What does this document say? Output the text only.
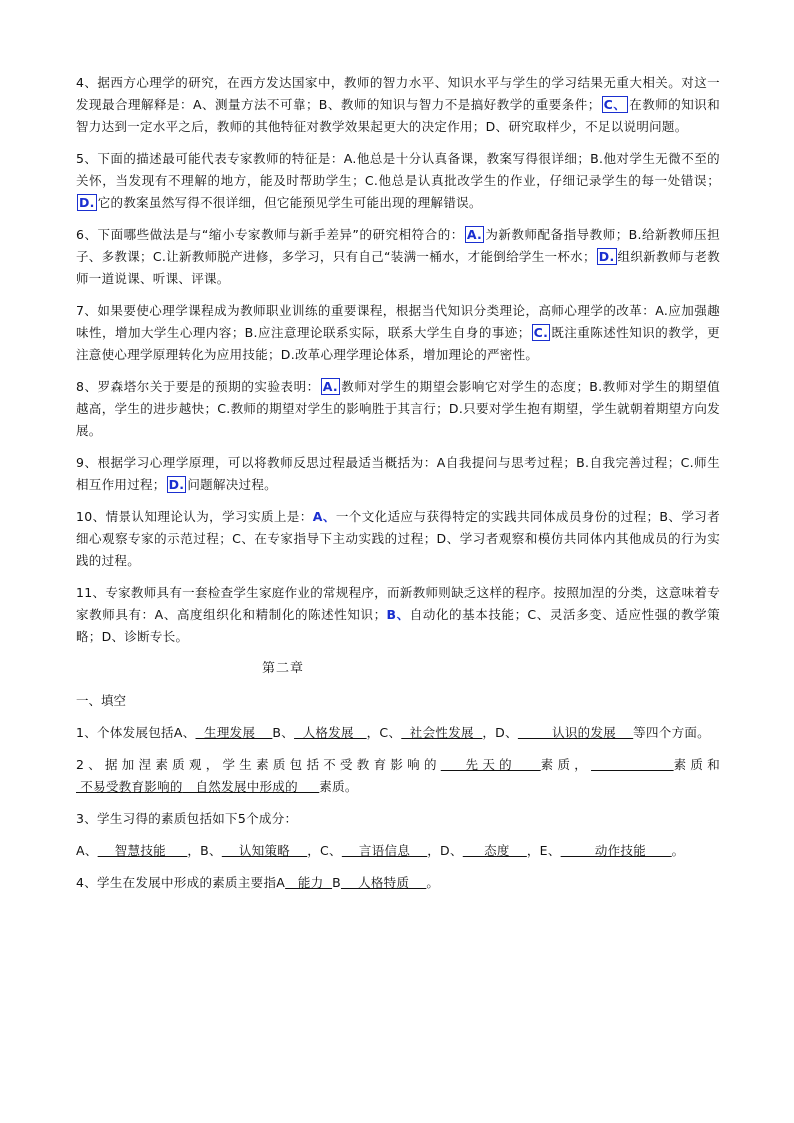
4、据西方心理学的研究，在西方发达国家中，教师的智力水平、知识水平与学生的学习结果无重大相关。对这一发现最合理解释是：A、测量方法不可靠；B、教师的知识与智力不是搞好教学的重要条件； C、 在教师的知识和智力达到一定水平之后，教师的其他特征对教学效果起更大的决定作用；D、研究取样少，不足以说明问题。

5、下面的描述最可能代表专家教师的特征是：A.他总是十分认真备课，教案写得很详细；B.他对学生无微不至的关怀，当发现有不理解的地方，能及时帮助学生；C.他总是认真批改学生的作业，仔细记录学生的每一处错误；D. 它的教案虽然写得不很详细，但它能预见学生可能出现的理解错误。

6、下面哪些做法是与“缩小专家教师与新手差异”的研究相符合的： A. 为新教师配备指导教师；B.给新教师压担子、多教课；C.让新教师脱产进修，多学习，只有自己“装满一桶水，才能倒给学生一杯水； D. 组织新教师与老教师一道说课、听课、评课。

7、如果要使心理学课程成为教师职业训练的重要课程，根据当代知识分类理论，高师心理学的改革：A.应加强趣味性，增加大学生心理内容；B.应注意理论联系实际，联系大学生自身的事迹； C. 既注重陈述性知识的教学，更注意使心理学原理转化为应用技能；D.改革心理学理论体系，增加理论的严密性。

8、罗森塔尔关于要是的预期的实验表明： A. 教师对学生的期望会影响它对学生的态度；B.教师对学生的期望值越高，学生的进步越快；C.教师的期望对学生的影响胜于其言行；D.只要对学生抱有期望，学生就朝着期望方向发展。

9、根据学习心理学原理，可以将教师反思过程最适当概括为：A自我提问与思考过程；B.自我完善过程；C.师生相互作用过程； D. 问题解决过程。

10、情景认知理论认为，学习实质上是：A、一个文化适应与获得特定的实践共同体成员身份的过程；B、学习者细心观察专家的示范过程；C、在专家指导下主动实践的过程；D、学习者观察和模仿共同体内其他成员的行为实践的过程。

11、专家教师具有一套检查学生家庭作业的常规程序，而新教师则缺乏这样的程序。按照加涅的分类，这意味着专家教师具有：A、高度组织化和精制化的陈述性知识；B、自动化的基本技能；C、灵活多变、适应性强的教学策略；D、诊断专长。

第二章
一、填空

1、个体发展包括A、  生理发展    B、  人格发展   ，C、  社会性发展  ，D、        认识的发展    等四个方面。

2、据加涅素质观，学生素质包括不受教育影响的   先天的   素质，	素质和 不易受教育影响的   自然发展中形成的     素质。

3、学生习得的素质包括如下5个成分：

A、    智慧技能     ，B、    认知策略    ，C、    言语信息    ，D、     态度    ，E、        动作技能      。

4、学生在发展中形成的素质主要指A   能力  B    人格特质    。
